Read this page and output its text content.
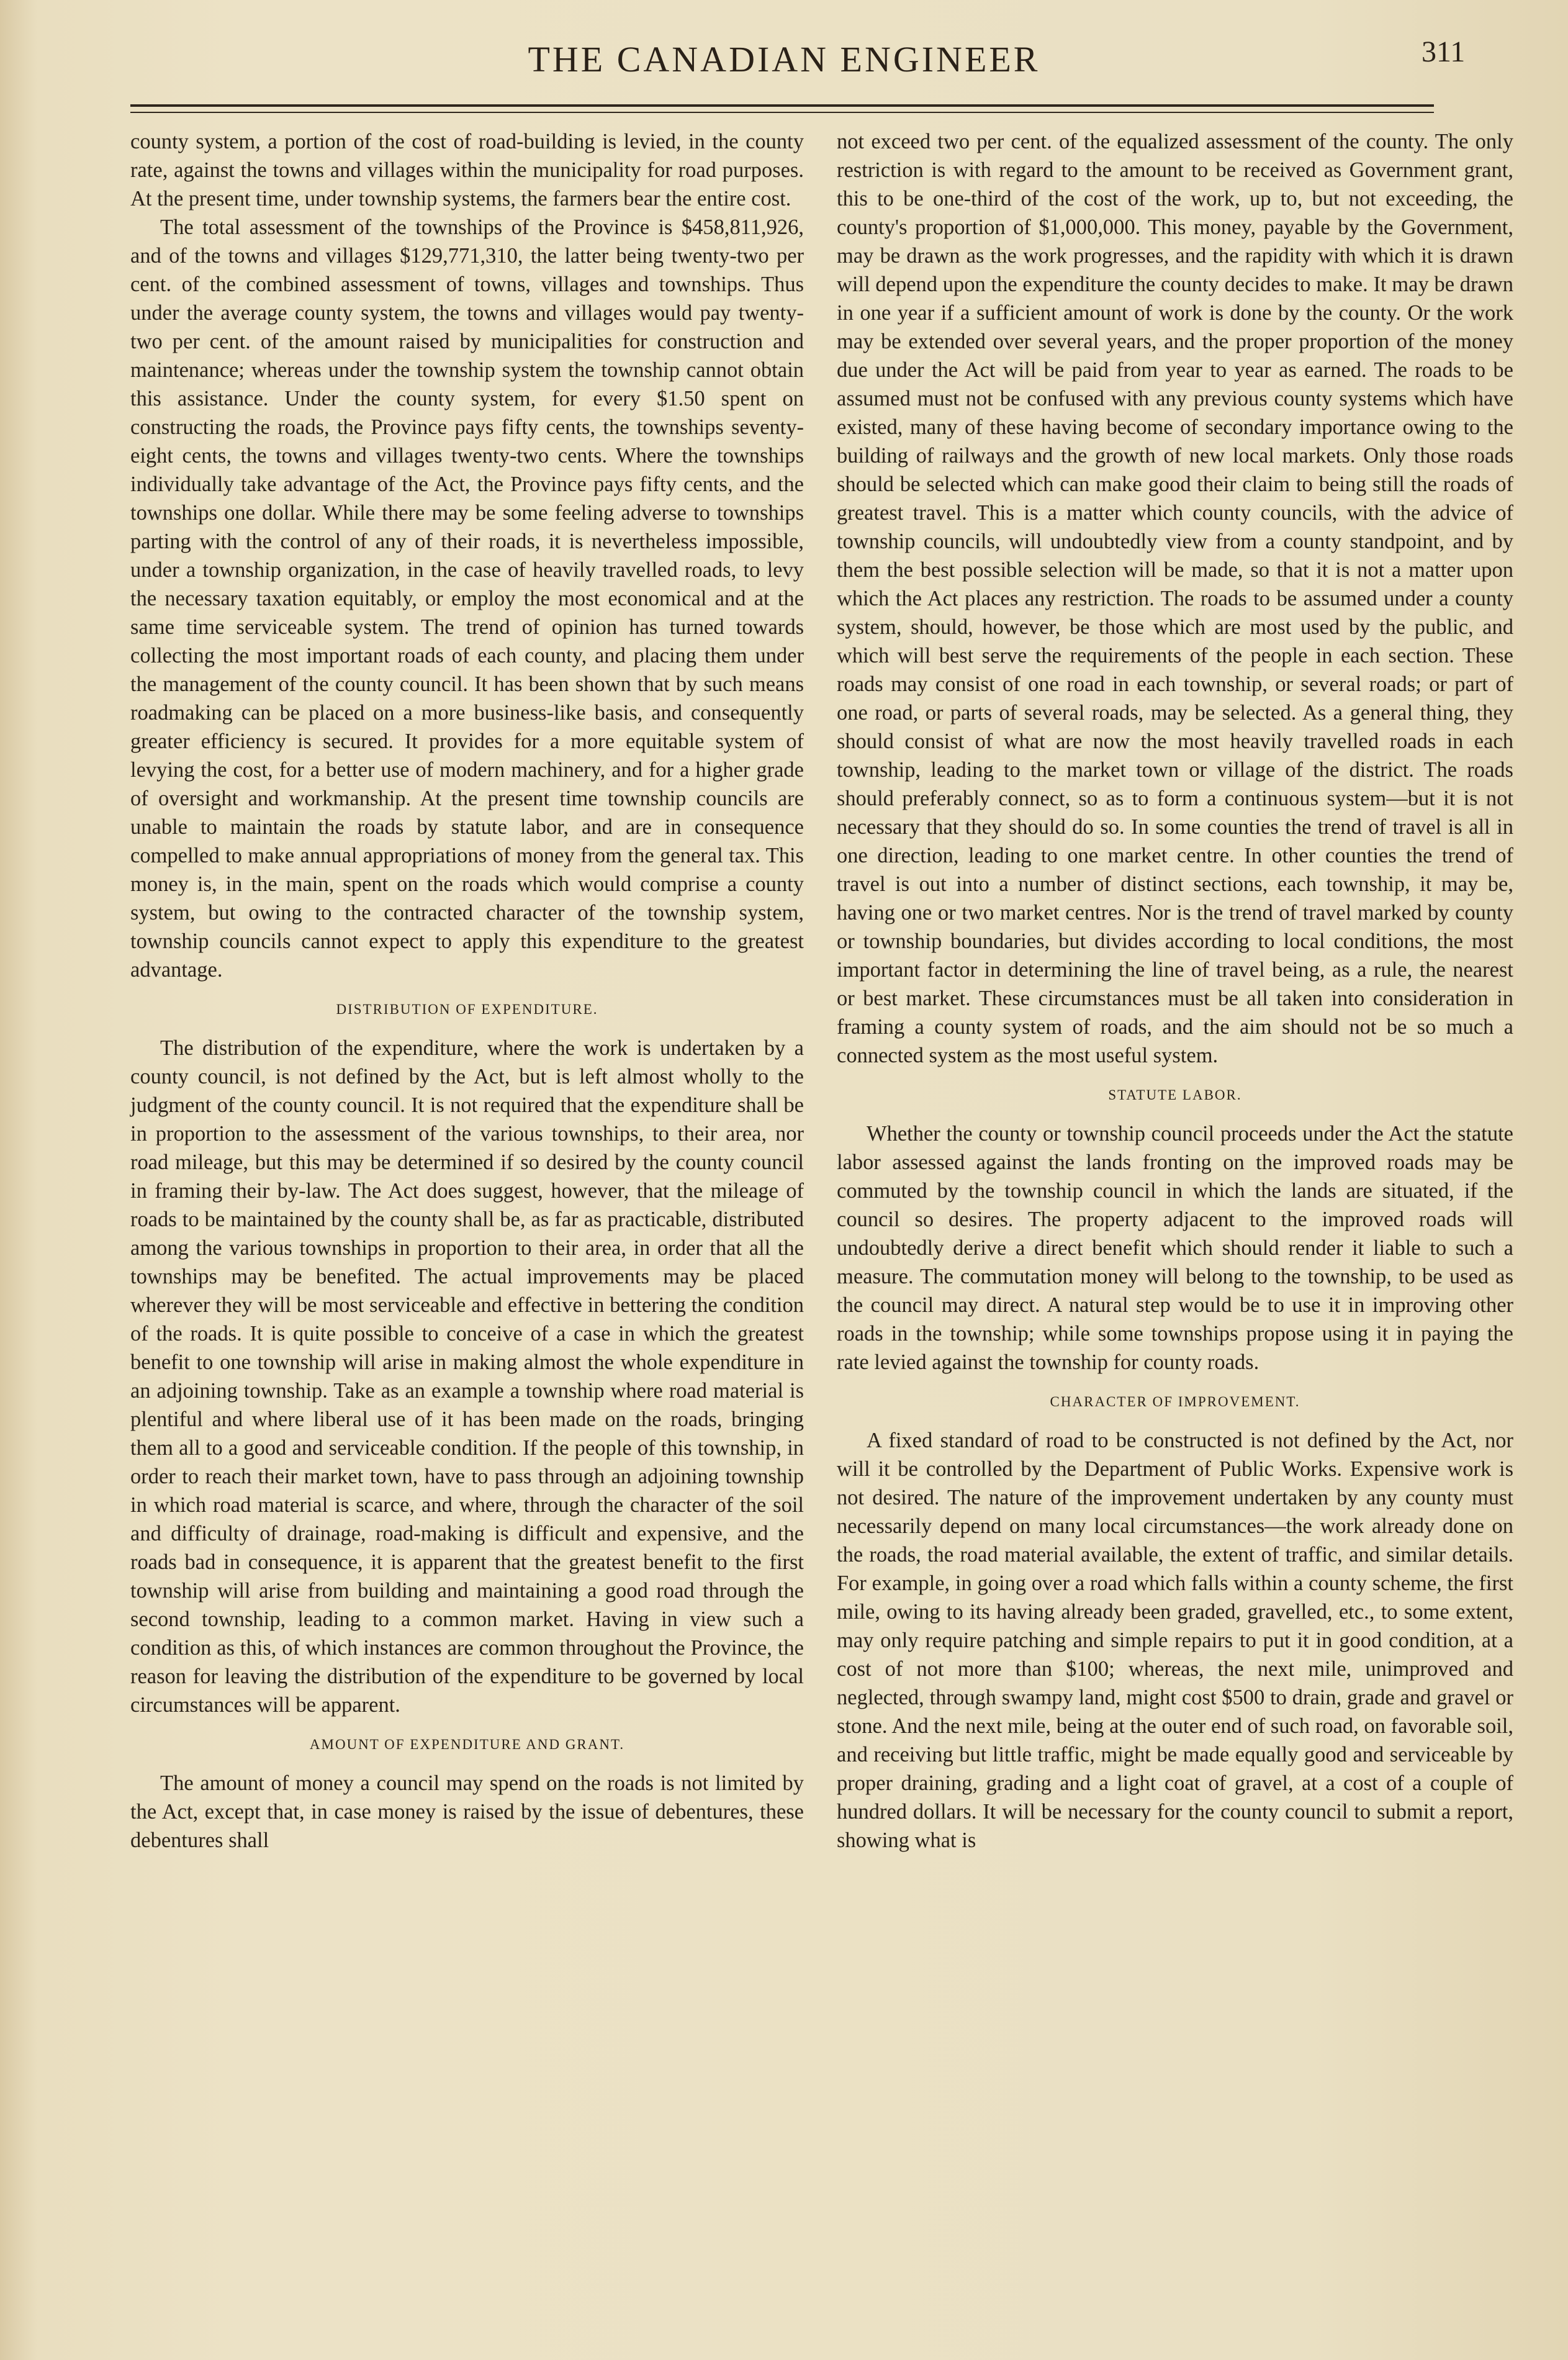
THE CANADIAN ENGINEER	311

county system, a portion of the cost of road-building is levied, in the county rate, against the towns and villages within the municipality for road purposes. At the present time, under township systems, the farmers bear the entire cost.

The total assessment of the townships of the Province is $458,811,926, and of the towns and villages $129,771,310, the latter being twenty-two per cent. of the combined assessment of towns, villages and townships. Thus under the average county system, the towns and villages would pay twenty-two per cent. of the amount raised by municipalities for construction and maintenance; whereas under the township system the township cannot obtain this assistance. Under the county system, for every $1.50 spent on constructing the roads, the Province pays fifty cents, the townships seventy-eight cents, the towns and villages twenty-two cents. Where the townships individually take advantage of the Act, the Province pays fifty cents, and the townships one dollar. While there may be some feeling adverse to townships parting with the control of any of their roads, it is nevertheless impossible, under a township organization, in the case of heavily travelled roads, to levy the necessary taxation equitably, or employ the most economical and at the same time serviceable system. The trend of opinion has turned towards collecting the most important roads of each county, and placing them under the management of the county council. It has been shown that by such means roadmaking can be placed on a more business-like basis, and consequently greater efficiency is secured. It provides for a more equitable system of levying the cost, for a better use of modern machinery, and for a higher grade of oversight and workmanship. At the present time township councils are unable to maintain the roads by statute labor, and are in consequence compelled to make annual appropriations of money from the general tax. This money is, in the main, spent on the roads which would comprise a county system, but owing to the contracted character of the township system, township councils cannot expect to apply this expenditure to the greatest advantage.

DISTRIBUTION OF EXPENDITURE.

The distribution of the expenditure, where the work is undertaken by a county council, is not defined by the Act, but is left almost wholly to the judgment of the county council. It is not required that the expenditure shall be in proportion to the assessment of the various townships, to their area, nor road mileage, but this may be determined if so desired by the county council in framing their by-law. The Act does suggest, however, that the mileage of roads to be maintained by the county shall be, as far as practicable, distributed among the various townships in proportion to their area, in order that all the townships may be benefited. The actual improvements may be placed wherever they will be most serviceable and effective in bettering the condition of the roads. It is quite possible to conceive of a case in which the greatest benefit to one township will arise in making almost the whole expenditure in an adjoining township. Take as an example a township where road material is plentiful and where liberal use of it has been made on the roads, bringing them all to a good and serviceable condition. If the people of this township, in order to reach their market town, have to pass through an adjoining township in which road material is scarce, and where, through the character of the soil and difficulty of drainage, road-making is difficult and expensive, and the roads bad in consequence, it is apparent that the greatest benefit to the first township will arise from building and maintaining a good road through the second township, leading to a common market. Having in view such a condition as this, of which instances are common throughout the Province, the reason for leaving the distribution of the expenditure to be governed by local circumstances will be apparent.

AMOUNT OF EXPENDITURE AND GRANT.

The amount of money a council may spend on the roads is not limited by the Act, except that, in case money is raised by the issue of debentures, these debentures shall

not exceed two per cent. of the equalized assessment of the county. The only restriction is with regard to the amount to be received as Government grant, this to be one-third of the cost of the work, up to, but not exceeding, the county's proportion of $1,000,000. This money, payable by the Government, may be drawn as the work progresses, and the rapidity with which it is drawn will depend upon the expenditure the county decides to make. It may be drawn in one year if a sufficient amount of work is done by the county. Or the work may be extended over several years, and the proper proportion of the money due under the Act will be paid from year to year as earned. The roads to be assumed must not be confused with any previous county systems which have existed, many of these having become of secondary importance owing to the building of railways and the growth of new local markets. Only those roads should be selected which can make good their claim to being still the roads of greatest travel. This is a matter which county councils, with the advice of township councils, will undoubtedly view from a county standpoint, and by them the best possible selection will be made, so that it is not a matter upon which the Act places any restriction. The roads to be assumed under a county system, should, however, be those which are most used by the public, and which will best serve the requirements of the people in each section. These roads may consist of one road in each township, or several roads; or part of one road, or parts of several roads, may be selected. As a general thing, they should consist of what are now the most heavily travelled roads in each township, leading to the market town or village of the district. The roads should preferably connect, so as to form a continuous system—but it is not necessary that they should do so. In some counties the trend of travel is all in one direction, leading to one market centre. In other counties the trend of travel is out into a number of distinct sections, each township, it may be, having one or two market centres. Nor is the trend of travel marked by county or township boundaries, but divides according to local conditions, the most important factor in determining the line of travel being, as a rule, the nearest or best market. These circumstances must be all taken into consideration in framing a county system of roads, and the aim should not be so much a connected system as the most useful system.

STATUTE LABOR.

Whether the county or township council proceeds under the Act the statute labor assessed against the lands fronting on the improved roads may be commuted by the township council in which the lands are situated, if the council so desires. The property adjacent to the improved roads will undoubtedly derive a direct benefit which should render it liable to such a measure. The commutation money will belong to the township, to be used as the council may direct. A natural step would be to use it in improving other roads in the township; while some townships propose using it in paying the rate levied against the township for county roads.

CHARACTER OF IMPROVEMENT.

A fixed standard of road to be constructed is not defined by the Act, nor will it be controlled by the Department of Public Works. Expensive work is not desired. The nature of the improvement undertaken by any county must necessarily depend on many local circumstances—the work already done on the roads, the road material available, the extent of traffic, and similar details. For example, in going over a road which falls within a county scheme, the first mile, owing to its having already been graded, gravelled, etc., to some extent, may only require patching and simple repairs to put it in good condition, at a cost of not more than $100; whereas, the next mile, unimproved and neglected, through swampy land, might cost $500 to drain, grade and gravel or stone. And the next mile, being at the outer end of such road, on favorable soil, and receiving but little traffic, might be made equally good and serviceable by proper draining, grading and a light coat of gravel, at a cost of a couple of hundred dollars. It will be necessary for the county council to submit a report, showing what is
